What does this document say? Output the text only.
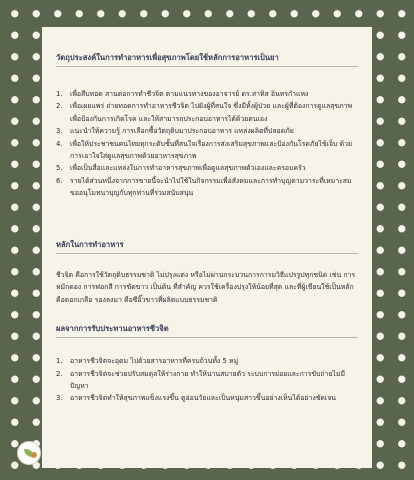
วัตถุประสงค์ในการทำอาหารเพื่อสุขภาพโดยใช้หลักการอาหารเป็นยา
1.	เพื่อสืบทอด สานต่อการทำชีวจิต ตามแนวทางของอาจารย์ ดร.สาทิส อินทรกำแหง
2.	เพื่อเผยแพร่ ถ่ายทอดการทำอาหารชีวจิต ไปยังผู้ที่สนใจ ซึ่งมีทั้งผู้ป่วย และผู้ที่ต้องการดูแลสุขภาพเพื่อป้องกันการเกิดโรค และให้สามารถประกอบอาหารได้ด้วยตนเอง
3.	แนะนำให้ความรู้ การเลือกซื้อวัตถุดิบมาประกอบอาหาร แหล่งผลิตที่ปลอดภัย
4.	เพื่อให้ประชาชนคนไทยทุกระดับชั้นที่สนใจเรื่องการส่งเสริมสุขภาพและป้องกันโรคภัยไข้เจ็บ ด้วยการเอาใจใส่ดูแลสุขภาพด้วยอาหารสุขภาพ
5.	เพื่อเป็นสื่อและแหล่งในการทำอาหารสุขภาพเพื่อดูแลสุขภาพตัวเองและครอบครัว
6.	รายได้ส่วนหนึ่งจากการขายนี้จะนำไปใช้ในกิจกรรมเพื่อสังคมและการทำบุญตามวาระที่เหมาะสม ขออนุโมทนาบุญกับทุกท่านที่ร่วมสนับสนุน
หลักในการทำอาหาร

ชีวจิต คือการใช้วัตถุดิบธรรมชาติ ไม่ปรุงแต่ง หรือไม่ผ่านกระบวนการการมวิธีแปรรูปทุกชนิด เช่น การหมักดอง การฟอกสี การขัดขาว เป็นต้น ที่สำคัญ ควรใช้เครื่องปรุงให้น้อยที่สุด และที่ผู้เขียนใช้เป็นหลัก คือดอกเกลือ รองลงมา คือซีอิ๊วขาวที่ผลิตแบบธรรมชาติ

ผลจากการรับประทานอาหารชีวจิต
1.	อาหารชีวจิตจะอุดม ไปด้วยสารอาหารที่ครบถ้วนทั้ง 5 หมู่
2.	อาหารชีวจิตจะช่วยปรับสมดุลให้ร่างกาย ทำให้นานสบายตัว ระบบการย่อยและการขับถ่ายไม่มีปัญหา
3.	อาหารชีวจิตทำให้สุขภาพแข็งแรงขึ้น ดูอ่อนวัยและเป็นหนุ่มสาวขึ้นอย่างเห็นได้อย่างชัดเจน
